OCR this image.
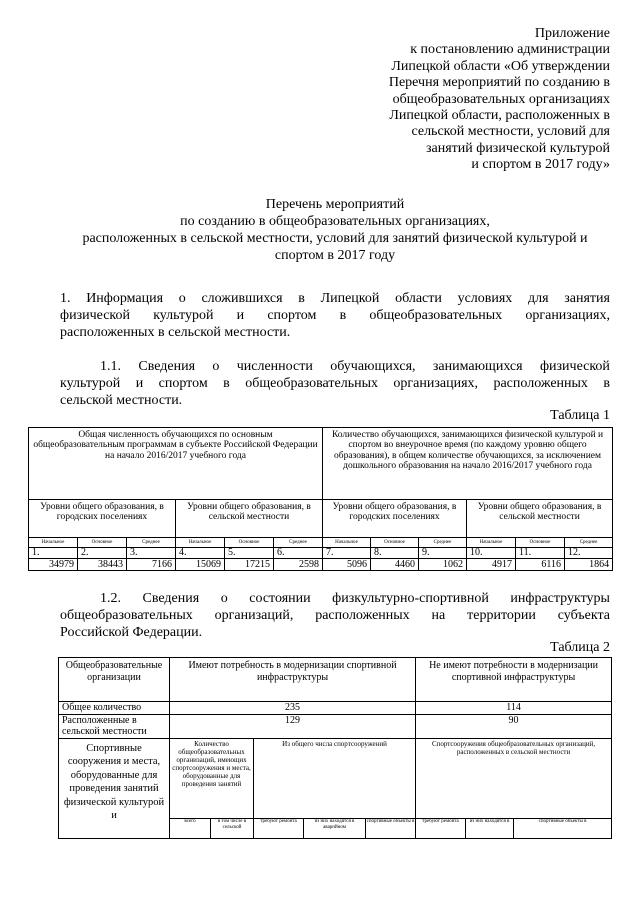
Приложение
к постановлению администрации
Липецкой области «Об утверждении
Перечня мероприятий по созданию в
общеобразовательных организациях
Липецкой области, расположенных в
сельской местности, условий для
занятий физической культурой
и спортом в 2017 году»
Перечень мероприятий
по созданию в общеобразовательных организациях,
расположенных в сельской местности, условий для занятий физической культурой и
спортом в 2017 году
1. Информация о сложившихся в Липецкой области условиях для занятия
физической культурой и спортом в общеобразовательных организациях,
расположенных в сельской местности.
1.1. Сведения о численности обучающихся, занимающихся физической
культурой и спортом в общеобразовательных организациях, расположенных в
сельской местности.
Таблица 1
Общая численность обучающихся по основным общеобразовательным программам в субъекте Российской Федерации на начало 2016/2017 учебного года						Количество обучающихся, занимающихся физической культурой и спортом во внеурочное время (по каждому уровню общего образования), в общем количестве обучающихся, за исключением дошкольного образования на начало 2016/2017 учебного года					
Уровни общего образования, в городских поселениях			Уровни общего образования, в сельской местности			Уровни общего образования, в городских поселениях			Уровни общего образования, в сельской местности		
Начальное	Основное	Среднее	Начальное	Основное	Среднее	Начальное	Основное	Среднее	Начальное	Основное	Среднее
1.	2.	3.	4.	5.	6.	7.	8.	9.	10.	11.	12.
34979	38443	7166	15069	17215	2598	5096	4460	1062	4917	6116	1864
1.2. Сведения о состоянии физкультурно-спортивной инфраструктуры
общеобразовательных организаций, расположенных на территории субъекта
Российской Федерации.
Таблица 2
Общеобразовательные организации	Имеют потребность в модернизации спортивной инфраструктуры					Не имеют потребности в модернизации спортивной инфраструктуры		
Общее количество	235					114		
Расположенные в сельской местности	129					90		
Спортивные сооружения и места, оборудованные для проведения занятий физической культурой и	Количество общеобразовательных организаций, имеющих спортсооружения и места, оборудованные для проведения занятий		Из общего числа спортсооружений			Спортсооружения общеобразовательных организаций, расположенных в сельской местности		
	всего	в том числе в сельской	требуют ремонта	из них находятся в аварийном	спортивные объекты в	требуют ремонта	из них находятся в	спортивные объекты в
